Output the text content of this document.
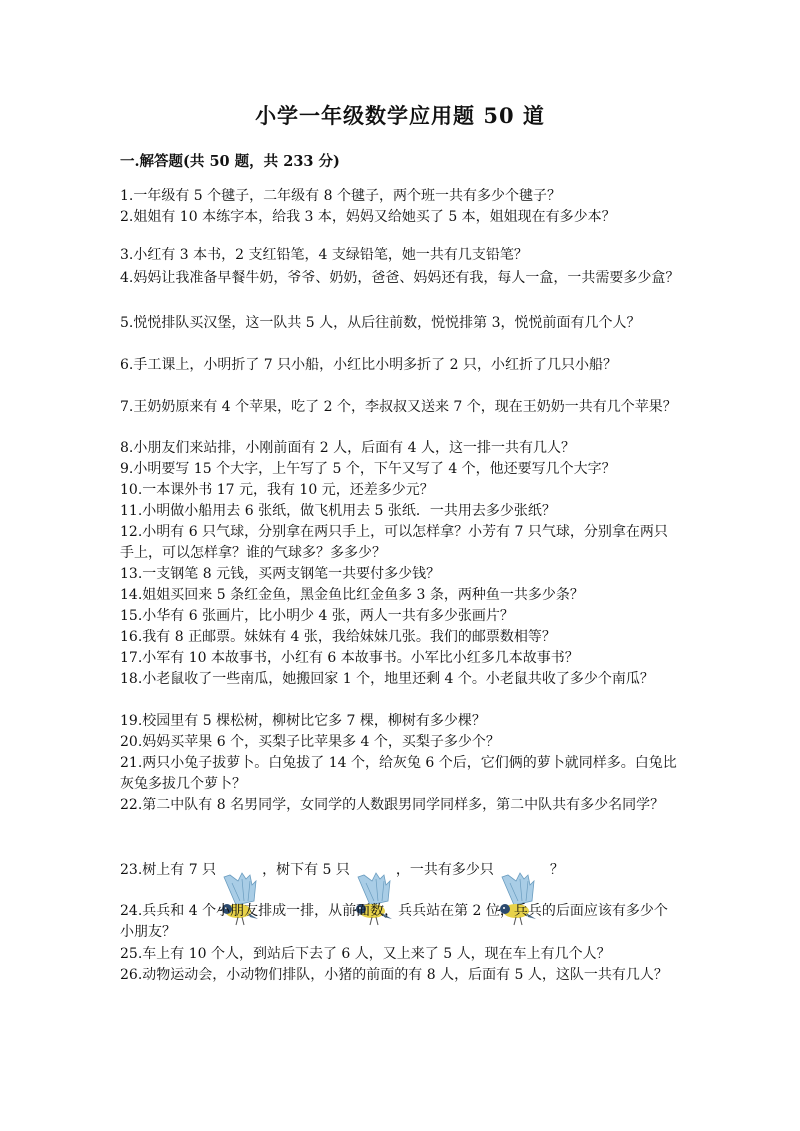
小学一年级数学应用题 50 道
一.解答题(共 50 题，共 233 分)
1.一年级有 5 个毽子，二年级有 8 个毽子，两个班一共有多少个毽子？
2.姐姐有 10 本练字本，给我 3 本，妈妈又给她买了 5 本，姐姐现在有多少本？
3.小红有 3 本书，2 支红铅笔，4 支绿铅笔，她一共有几支铅笔？
4.妈妈让我准备早餐牛奶，爷爷、奶奶，爸爸、妈妈还有我，每人一盒，一共需要多少盒？
5.悦悦排队买汉堡，这一队共 5 人，从后往前数，悦悦排第 3，悦悦前面有几个人？
6.手工课上，小明折了 7 只小船，小红比小明多折了 2 只，小红折了几只小船？
7.王奶奶原来有 4 个苹果，吃了 2 个，李叔叔又送来 7 个，现在王奶奶一共有几个苹果？
8.小朋友们来站排，小刚前面有 2 人，后面有 4 人，这一排一共有几人？
9.小明要写 15 个大字，上午写了 5 个，下午又写了 4 个，他还要写几个大字？
10.一本课外书 17 元，我有 10 元，还差多少元？
11.小明做小船用去 6 张纸，做飞机用去 5 张纸．一共用去多少张纸？
12.小明有 6 只气球，分别拿在两只手上，可以怎样拿？小芳有 7 只气球，分别拿在两只手上，可以怎样拿？谁的气球多？多多少？
13.一支钢笔 8 元钱，买两支钢笔一共要付多少钱？
14.姐姐买回来 5 条红金鱼，黑金鱼比红金鱼多 3 条，两种鱼一共多少条？
15.小华有 6 张画片，比小明少 4 张，两人一共有多少张画片？
16.我有 8 正邮票。妹妹有 4 张，我给妹妹几张。我们的邮票数相等？
17.小军有 10 本故事书，小红有 6 本故事书。小军比小红多几本故事书？
18.小老鼠收了一些南瓜，她搬回家 1 个，地里还剩 4 个。小老鼠共收了多少个南瓜？
19.校园里有 5 棵松树，柳树比它多 7 棵，柳树有多少棵？
20.妈妈买苹果 6 个，买梨子比苹果多 4 个，买梨子多少个？
21.两只小兔子拔萝卜。白兔拔了 14 个，给灰兔 6 个后，它们俩的萝卜就同样多。白兔比灰兔多拔几个萝卜？
22.第二中队有 8 名男同学，女同学的人数跟男同学同样多，第二中队共有多少名同学？
23.树上有 7 只

	，树下有 5 只

	，一共有多少只

	？
24.兵兵和 4 个小朋友排成一排，从前面数，兵兵站在第 2 位，兵兵的后面应该有多少个小朋友？
25.车上有 10 个人，到站后下去了 6 人，又上来了 5 人，现在车上有几个人？
26.动物运动会，小动物们排队，小猪的前面的有 8 人，后面有 5 人，这队一共有几人？
